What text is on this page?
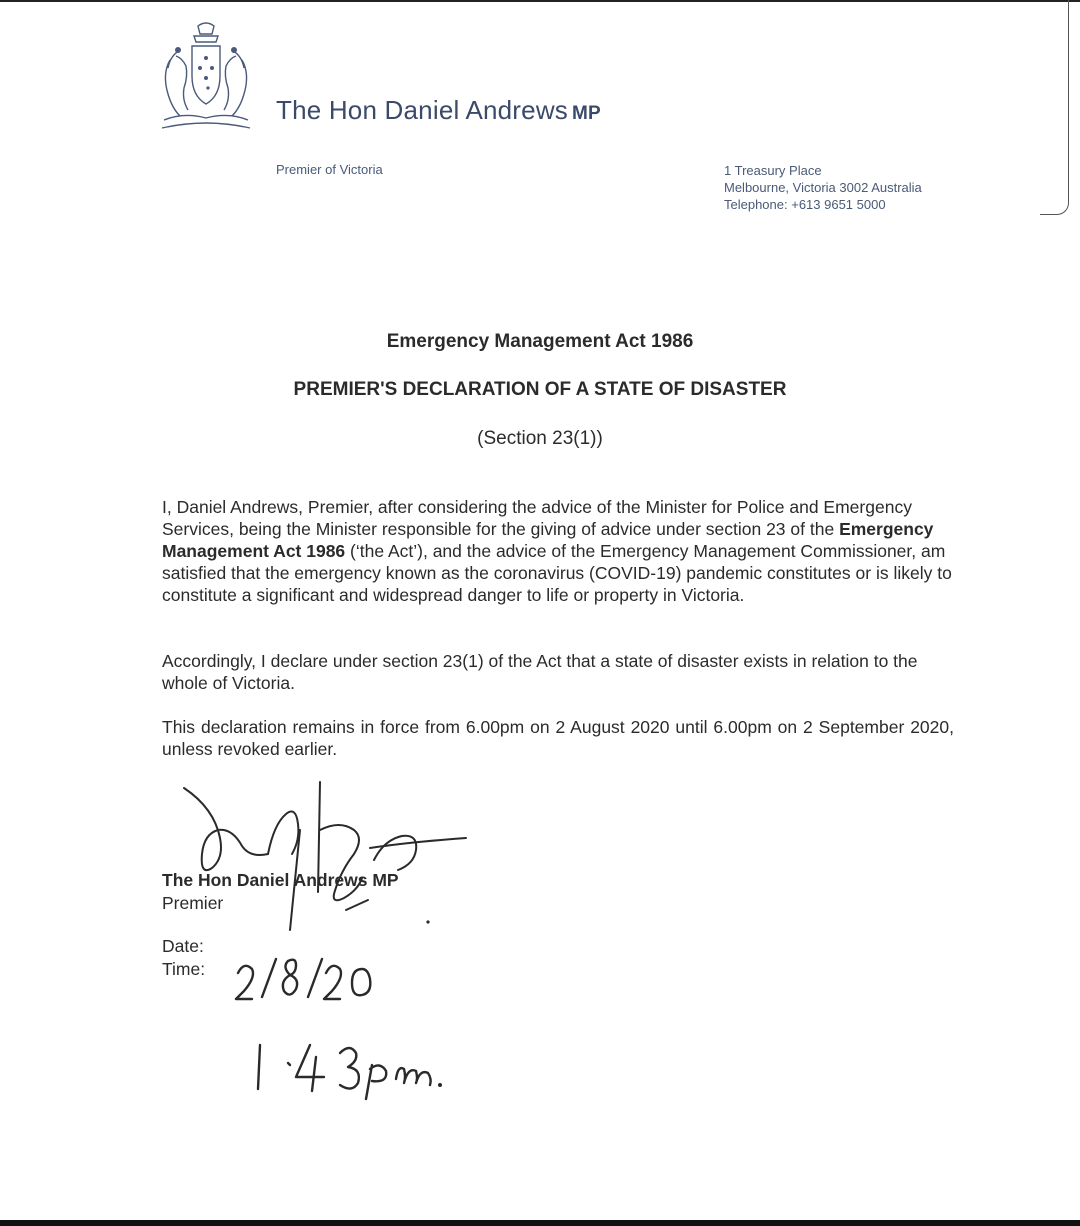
The Hon Daniel Andrews MP
Premier of Victoria	1 Treasury Place
Melbourne, Victoria 3002 Australia
Telephone: +613 9651 5000
Emergency Management Act 1986
PREMIER'S DECLARATION OF A STATE OF DISASTER
(Section 23(1))
I, Daniel Andrews, Premier, after considering the advice of the Minister for Police and Emergency Services, being the Minister responsible for the giving of advice under section 23 of the Emergency Management Act 1986 (‘the Act’), and the advice of the Emergency Management Commissioner, am satisfied that the emergency known as the coronavirus (COVID-19) pandemic constitutes or is likely to constitute a significant and widespread danger to life or property in Victoria.
Accordingly, I declare under section 23(1) of the Act that a state of disaster exists in relation to the whole of Victoria.
This declaration remains in force from 6.00pm on 2 August 2020 until 6.00pm on 2 September 2020, unless revoked earlier.
The Hon Daniel Andrews MP
Premier
Date:
Time:
